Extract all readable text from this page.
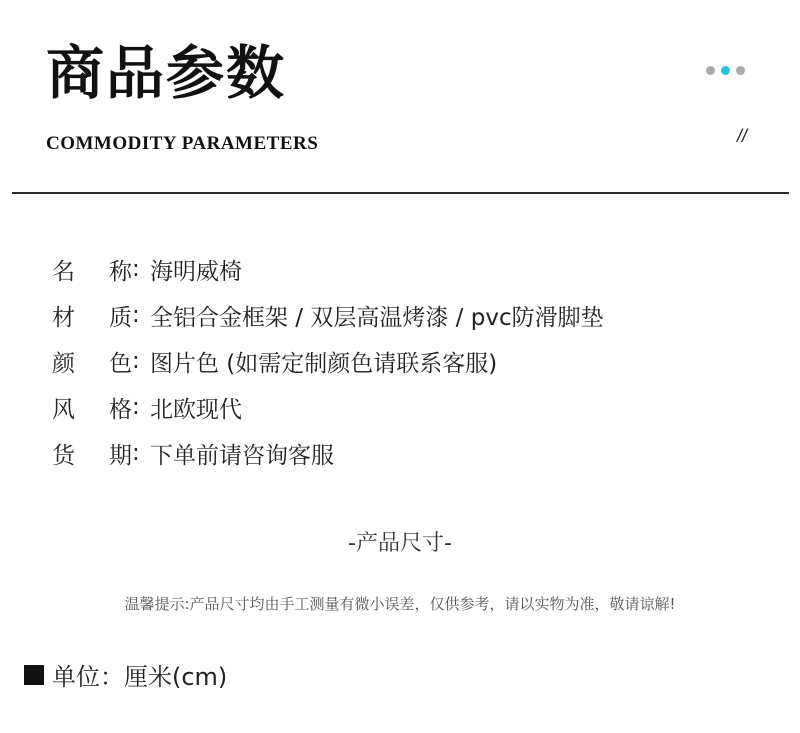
商品参数
COMMODITY PARAMETERS	//
名 称 : 海明威椅
材 质 : 全铝合金框架 / 双层高温烤漆 / pvc防滑脚垫
颜 色 : 图片色 (如需定制颜色请联系客服)
风 格 : 北欧现代
货 期 : 下单前请咨询客服
-产品尺寸-
温馨提示:产品尺寸均由手工测量有微小误差，仅供参考，请以实物为准，敬请谅解!
单位：厘米(cm)
